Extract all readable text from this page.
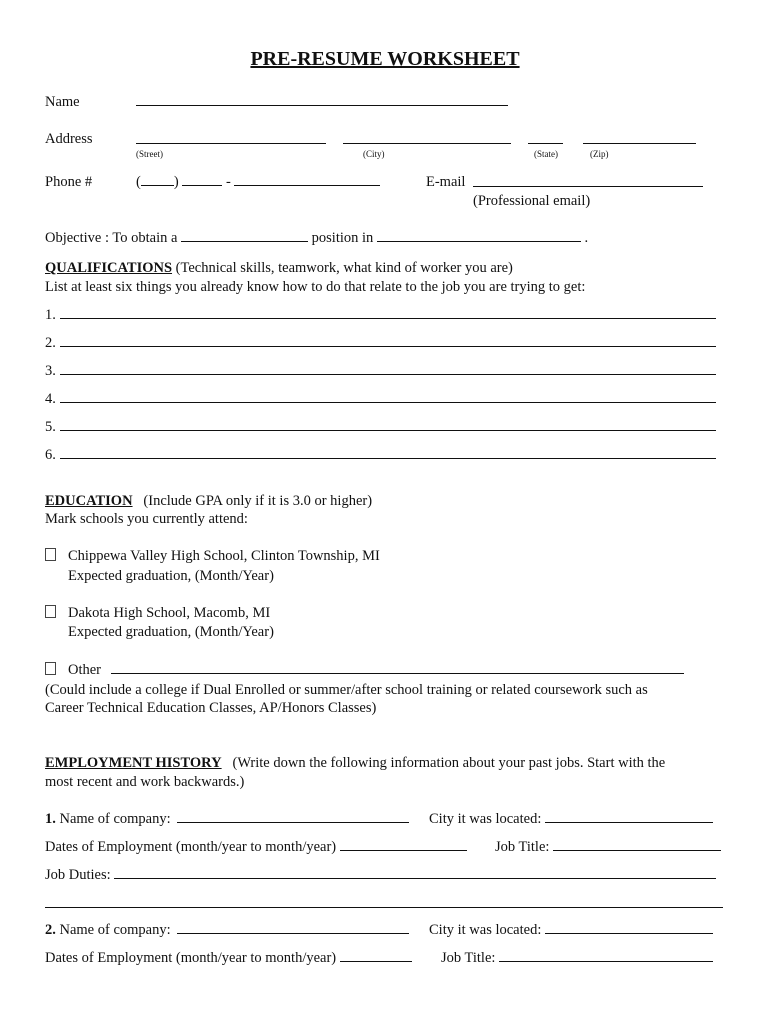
PRE-RESUME WORKSHEET
Name
Address
(Street)	(City)	(State)	(Zip)
Phone #	( )	-	E-mail
(Professional email)
Objective : To obtain a	position in	.
QUALIFICATIONS (Technical skills, teamwork, what kind of worker you are)
List at least six things you already know how to do that relate to the job you are trying to get:
1.
2.
3.
4.
5.
6.
EDUCATION (Include GPA only if it is 3.0 or higher)
Mark schools you currently attend:
Chippewa Valley High School, Clinton Township, MI
Expected graduation, (Month/Year)
Dakota High School, Macomb, MI
Expected graduation, (Month/Year)
Other
(Could include a college if Dual Enrolled or summer/after school training or related coursework such as
Career Technical Education Classes, AP/Honors Classes)
EMPLOYMENT HISTORY (Write down the following information about your past jobs. Start with the
most recent and work backwards.)
1. Name of company:	City it was located:
Dates of Employment (month/year to month/year)	Job Title:
Job Duties:
2. Name of company:	City it was located:
Dates of Employment (month/year to month/year)	Job Title:
